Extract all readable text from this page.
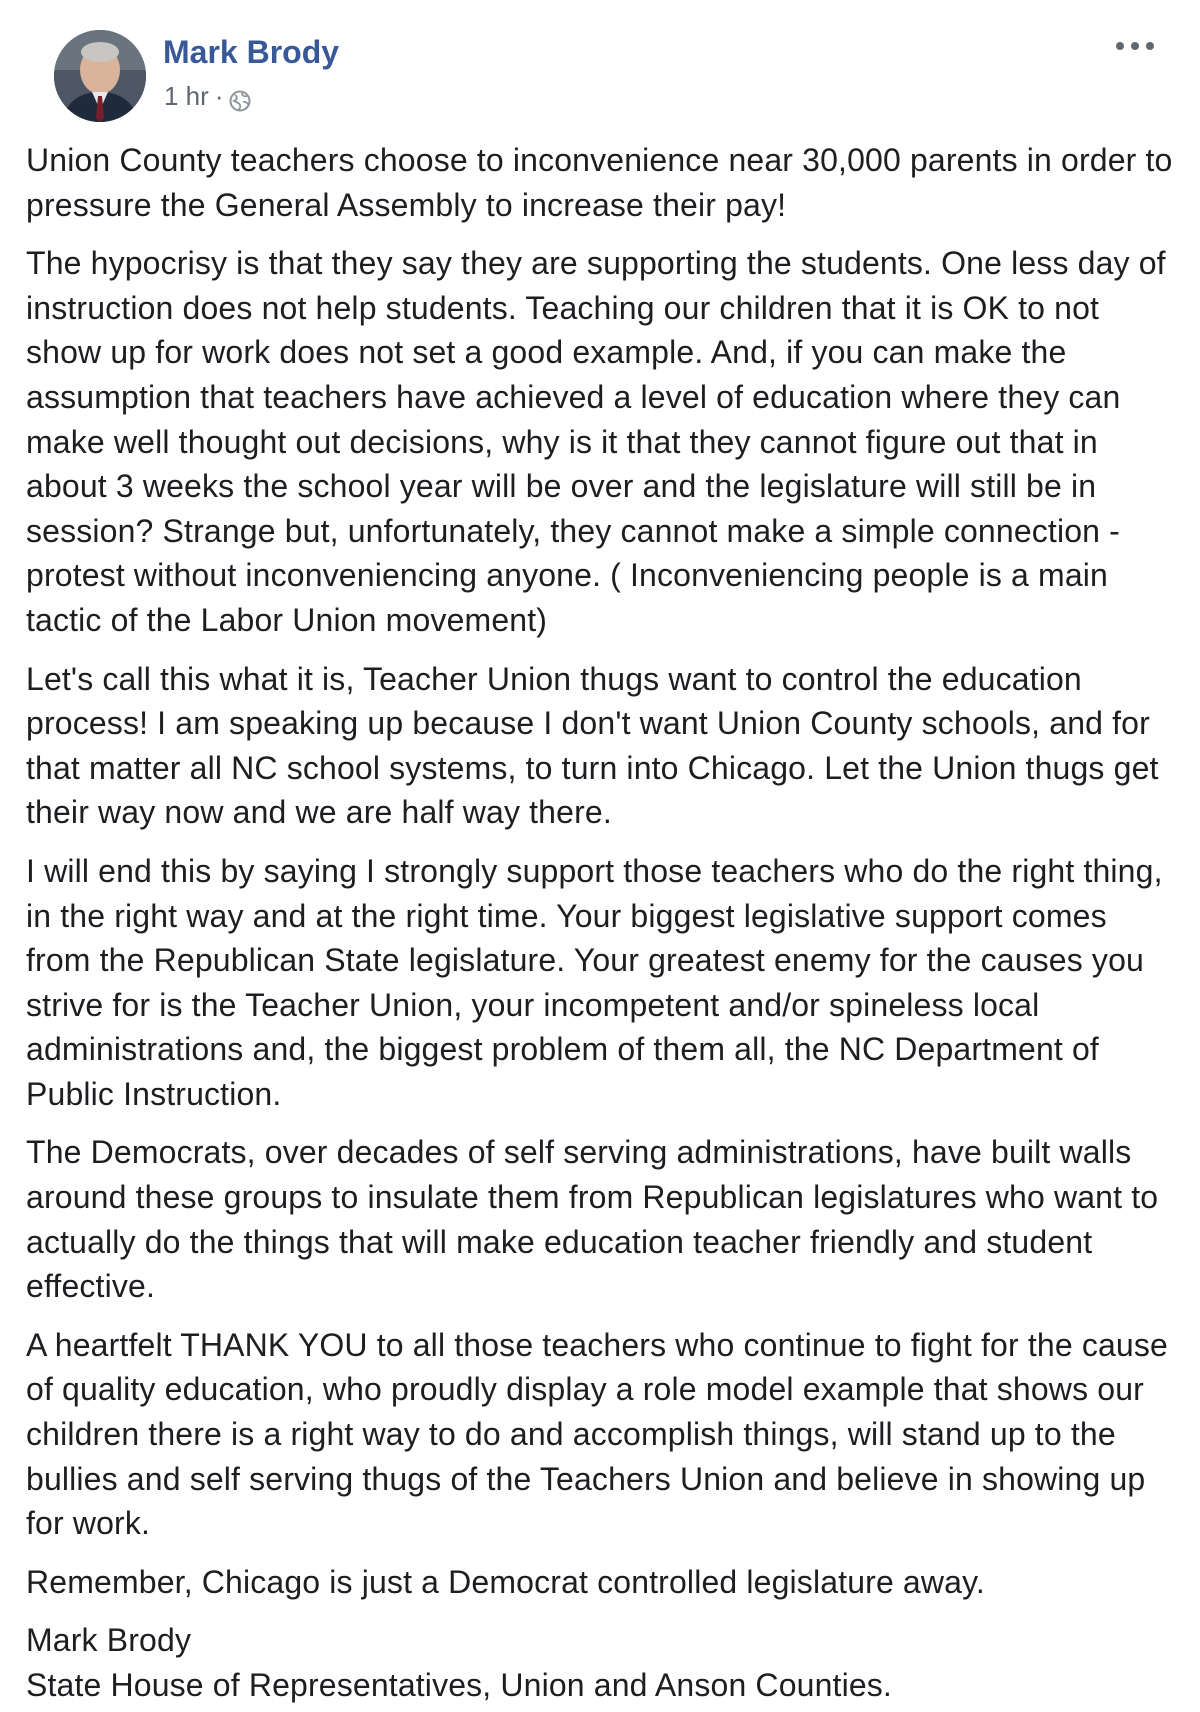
Mark Brody
1 hr ·

Union County teachers choose to inconvenience near 30,000 parents in order to pressure the General Assembly to increase their pay!

The hypocrisy is that they say they are supporting the students. One less day of instruction does not help students. Teaching our children that it is OK to not show up for work does not set a good example. And, if you can make the assumption that teachers have achieved a level of education where they can make well thought out decisions, why is it that they cannot figure out that in about 3 weeks the school year will be over and the legislature will still be in session? Strange but, unfortunately, they cannot make a simple connection - protest without inconveniencing anyone. ( Inconveniencing people is a main tactic of the Labor Union movement)

Let's call this what it is, Teacher Union thugs want to control the education process! I am speaking up because I don't want Union County schools, and for that matter all NC school systems, to turn into Chicago. Let the Union thugs get their way now and we are half way there.

I will end this by saying I strongly support those teachers who do the right thing, in the right way and at the right time. Your biggest legislative support comes from the Republican State legislature. Your greatest enemy for the causes you strive for is the Teacher Union, your incompetent and/or spineless local administrations and, the biggest problem of them all, the NC Department of Public Instruction.

The Democrats, over decades of self serving administrations, have built walls around these groups to insulate them from Republican legislatures who want to actually do the things that will make education teacher friendly and student effective.

A heartfelt THANK YOU to all those teachers who continue to fight for the cause of quality education, who proudly display a role model example that shows our children there is a right way to do and accomplish things, will stand up to the bullies and self serving thugs of the Teachers Union and believe in showing up for work.

Remember, Chicago is just a Democrat controlled legislature away.

Mark Brody
State House of Representatives, Union and Anson Counties.
